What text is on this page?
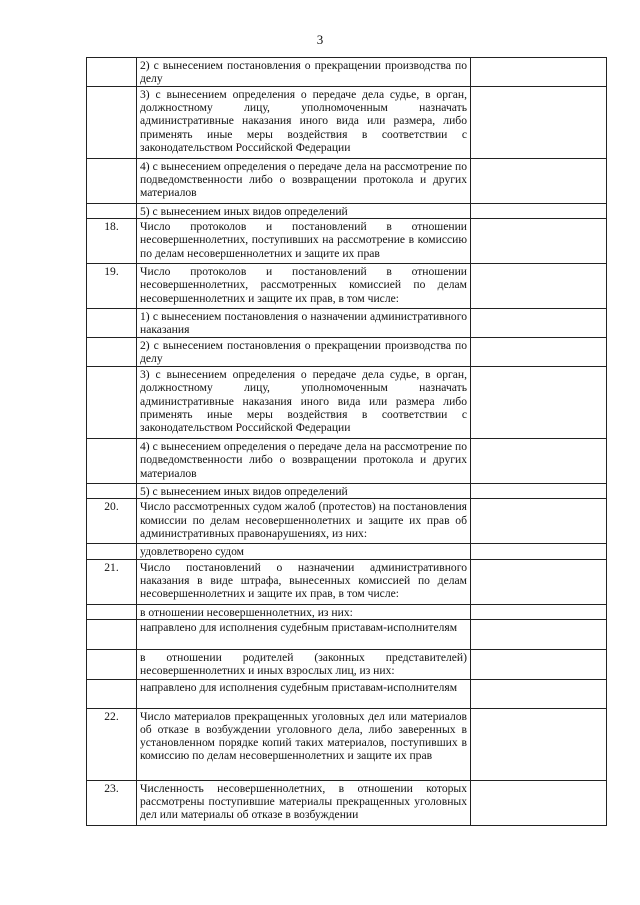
3
	2) с вынесением постановления о прекращении производства по делу	
	3) с вынесением определения о передаче дела судье, в орган, должностному лицу, уполномоченным назначать административные наказания иного вида или размера, либо применять иные меры воздействия в соответствии с законодательством Российской Федерации	
	4) с вынесением определения о передаче дела на рассмотрение по подведомственности либо о возвращении протокола и других материалов	
	5) с вынесением иных видов определений	
18.	Число протоколов и постановлений в отношении несовершеннолетних, поступивших на рассмотрение в комиссию по делам несовершеннолетних и защите их прав	
19.	Число протоколов и постановлений в отношении несовершеннолетних, рассмотренных комиссией по делам несовершеннолетних и защите их прав, в том числе:	
	1) с вынесением постановления о назначении административного наказания	
	2) с вынесением постановления о прекращении производства по делу	
	3) с вынесением определения о передаче дела судье, в орган, должностному лицу, уполномоченным назначать административные наказания иного вида или размера либо применять иные меры воздействия в соответствии с законодательством Российской Федерации	
	4) с вынесением определения о передаче дела на рассмотрение по подведомственности либо о возвращении протокола и других материалов	
	5) с вынесением иных видов определений	
20.	Число рассмотренных судом жалоб (протестов) на постановления комиссии по делам несовершеннолетних и защите их прав об административных правонарушениях, из них:	
	удовлетворено судом	
21.	Число постановлений о назначении административного наказания в виде штрафа, вынесенных комиссией по делам несовершеннолетних и защите их прав, в том числе:	
	в отношении несовершеннолетних, из них:	
	направлено для исполнения судебным приставам-исполнителям	
	в отношении родителей (законных представителей) несовершеннолетних и иных взрослых лиц, из них:	
	направлено для исполнения судебным приставам-исполнителям	
22.	Число материалов прекращенных уголовных дел или материалов об отказе в возбуждении уголовного дела, либо заверенных в установленном порядке копий таких материалов, поступивших в комиссию по делам несовершеннолетних и защите их прав	
23.	Численность несовершеннолетних, в отношении которых рассмотрены поступившие материалы прекращенных уголовных дел или материалы об отказе в возбуждении	
